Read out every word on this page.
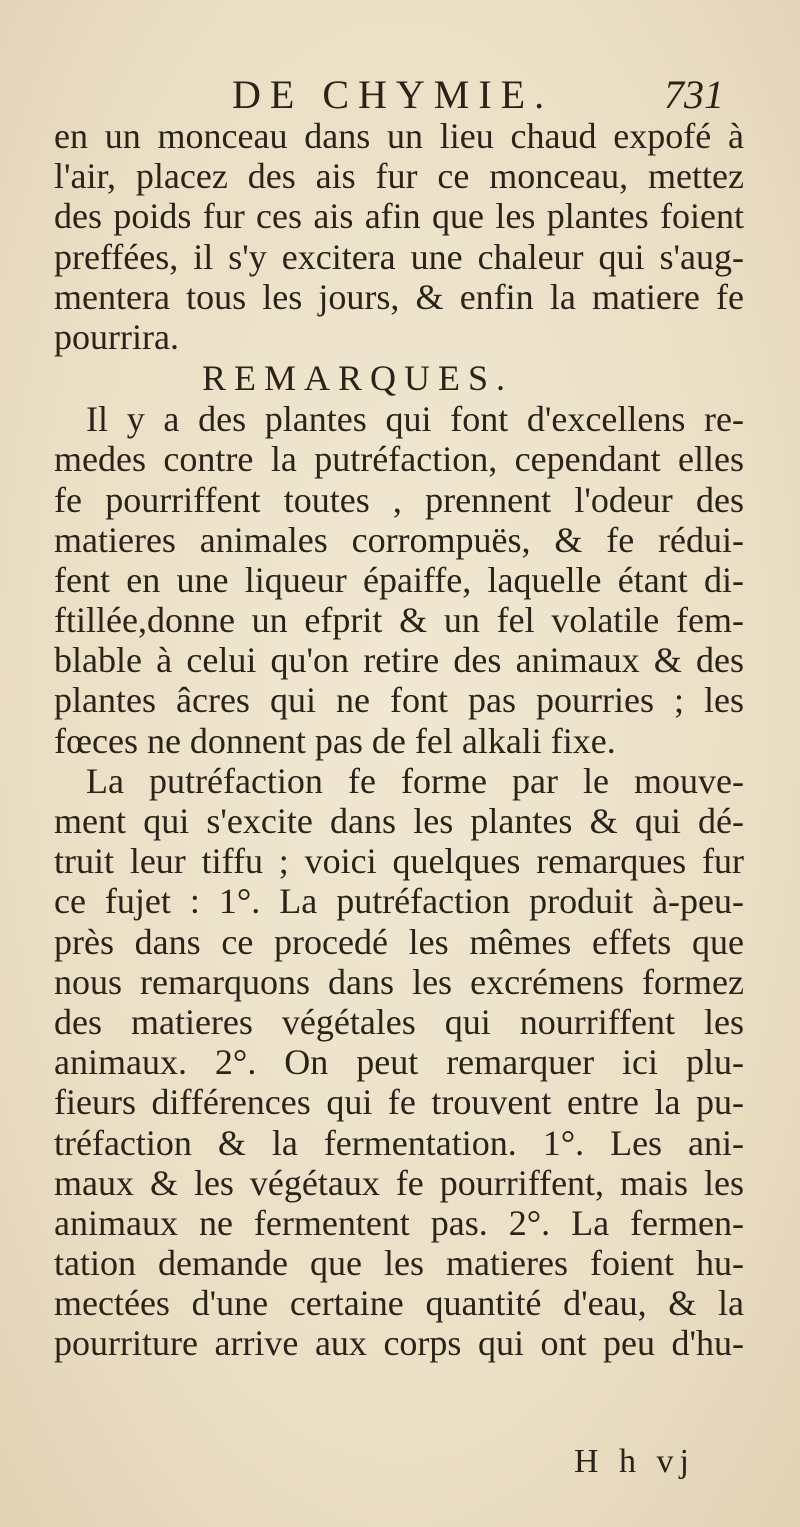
DE CHYMIE.	731
en un monceau dans un lieu chaud expofé à
l'air, placez des ais fur ce monceau, mettez
des poids fur ces ais afin que les plantes foient
preffées, il s'y excitera une chaleur qui s'aug-
mentera tous les jours, & enfin la matiere fe
pourrira.
REMARQUES.
Il y a des plantes qui font d'excellens re-
medes contre la putréfaction, cependant elles
fe pourriffent toutes , prennent l'odeur des
matieres animales corrompuës, & fe rédui-
fent en une liqueur épaiffe, laquelle étant di-
ftillée,donne un efprit & un fel volatile fem-
blable à celui qu'on retire des animaux & des
plantes âcres qui ne font pas pourries ; les
fœces ne donnent pas de fel alkali fixe.
La putréfaction fe forme par le mouve-
ment qui s'excite dans les plantes & qui dé-
truit leur tiffu ; voici quelques remarques fur
ce fujet : 1°. La putréfaction produit à-peu-
près dans ce procedé les mêmes effets que
nous remarquons dans les excrémens formez
des matieres végétales qui nourriffent les
animaux. 2°. On peut remarquer ici plu-
fieurs différences qui fe trouvent entre la pu-
tréfaction & la fermentation. 1°. Les ani-
maux & les végétaux fe pourriffent, mais les
animaux ne fermentent pas. 2°. La fermen-
tation demande que les matieres foient hu-
mectées d'une certaine quantité d'eau, & la
pourriture arrive aux corps qui ont peu d'hu-
H h vj
